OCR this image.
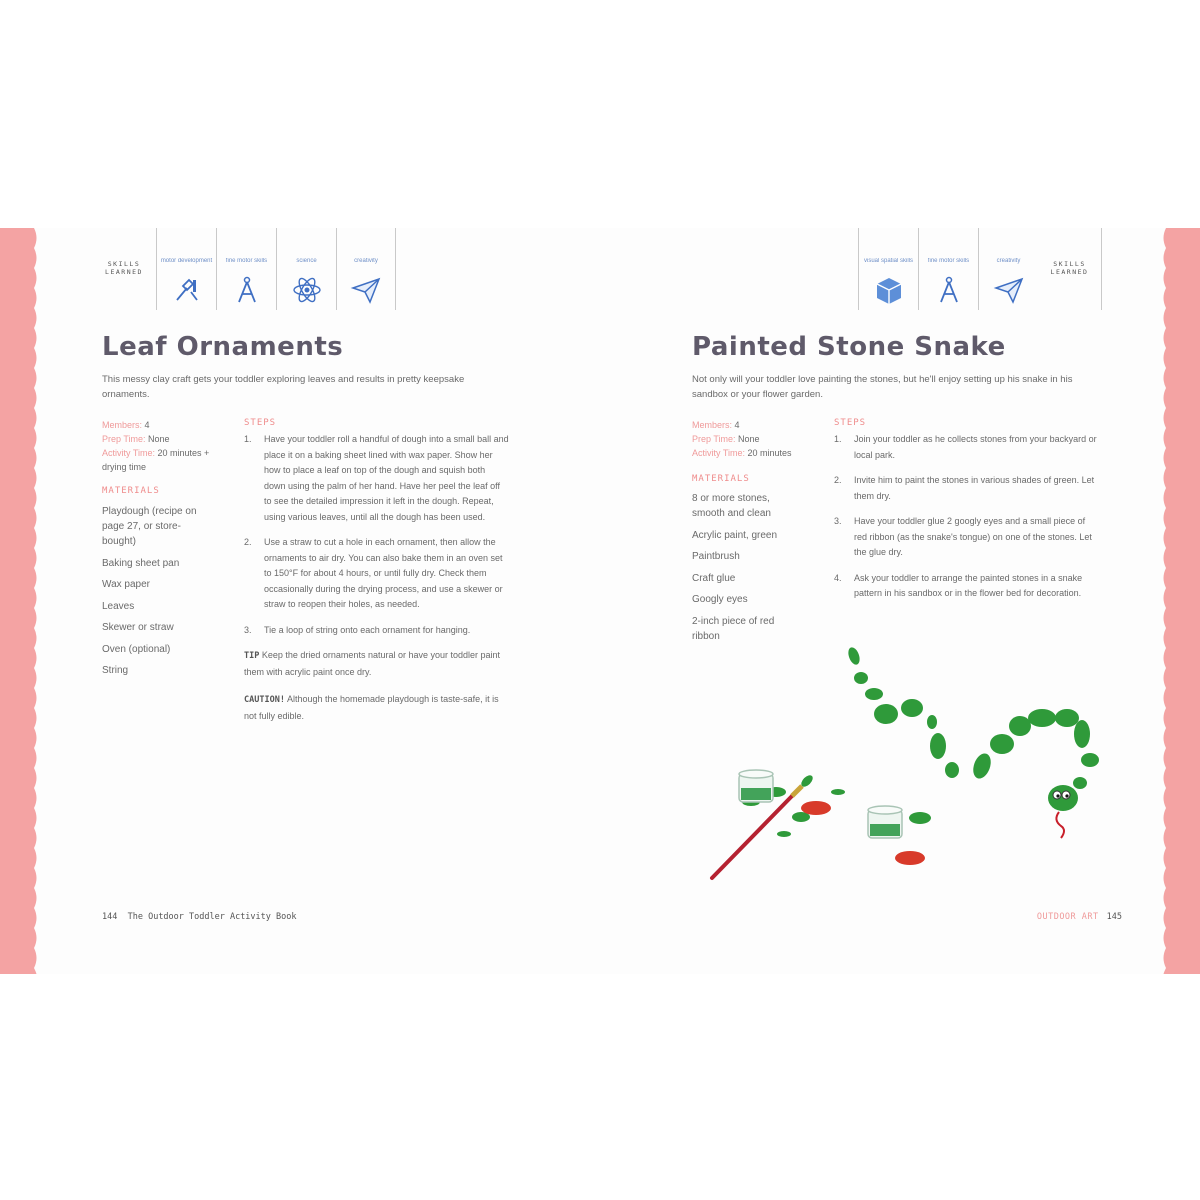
SKILLS LEARNED
motor development	fine motor skills	science	creativity
Leaf Ornaments
This messy clay craft gets your toddler exploring leaves and results in pretty keepsake ornaments.
Members: 4
Prep Time: None
Activity Time: 20 minutes + drying time
MATERIALS
Playdough (recipe on page 27, or store-bought)
Baking sheet pan
Wax paper
Leaves
Skewer or straw
Oven (optional)
String
STEPS
1. Have your toddler roll a handful of dough into a small ball and place it on a baking sheet lined with wax paper. Show her how to place a leaf on top of the dough and squish both down using the palm of her hand. Have her peel the leaf off to see the detailed impression it left in the dough. Repeat, using various leaves, until all the dough has been used.
2. Use a straw to cut a hole in each ornament, then allow the ornaments to air dry. You can also bake them in an oven set to 150°F for about 4 hours, or until fully dry. Check them occasionally during the drying process, and use a skewer or straw to reopen their holes, as needed.
3. Tie a loop of string onto each ornament for hanging.
TIP Keep the dried ornaments natural or have your toddler paint them with acrylic paint once dry.
CAUTION! Although the homemade playdough is taste-safe, it is not fully edible.
144 The Outdoor Toddler Activity Book
visual spatial skills	fine motor skills	creativity	SKILLS LEARNED
Painted Stone Snake
Not only will your toddler love painting the stones, but he'll enjoy setting up his snake in his sandbox or your flower garden.
Members: 4
Prep Time: None
Activity Time: 20 minutes
MATERIALS
8 or more stones, smooth and clean
Acrylic paint, green
Paintbrush
Craft glue
Googly eyes
2-inch piece of red ribbon
STEPS
1. Join your toddler as he collects stones from your backyard or local park.
2. Invite him to paint the stones in various shades of green. Let them dry.
3. Have your toddler glue 2 googly eyes and a small piece of red ribbon (as the snake's tongue) on one of the stones. Let the glue dry.
4. Ask your toddler to arrange the painted stones in a snake pattern in his sandbox or in the flower bed for decoration.
OUTDOOR ART 145
